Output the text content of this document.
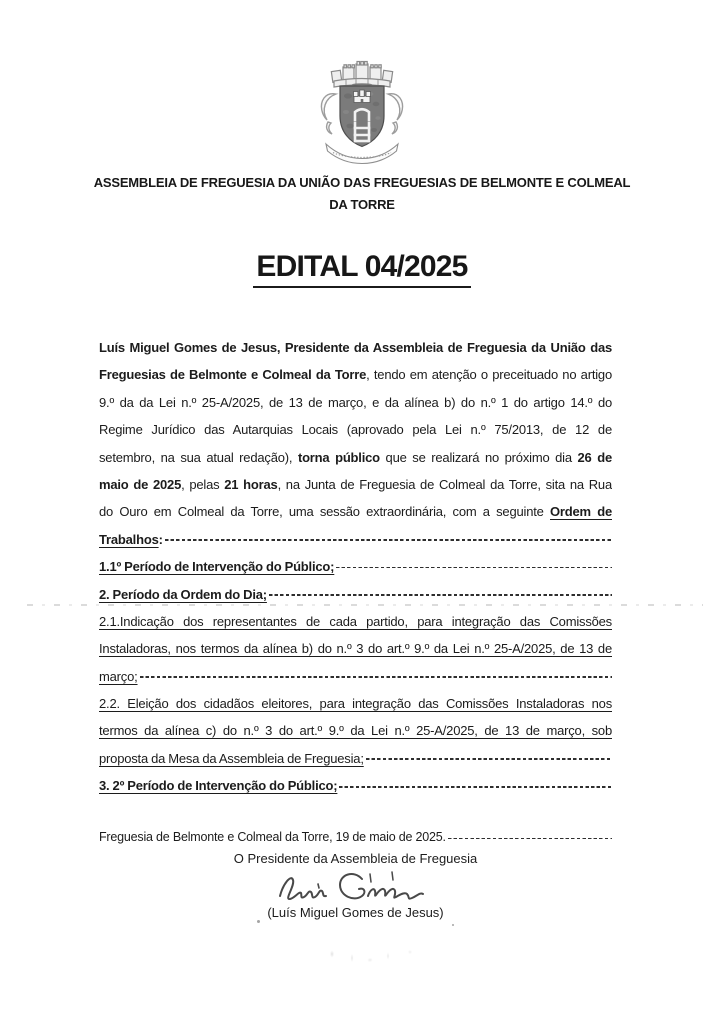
ASSEMBLEIA DE FREGUESIA DA UNIÃO DAS FREGUESIAS DE BELMONTE E COLMEAL
DA TORRE
EDITAL 04/2025
Luís Miguel Gomes de Jesus, Presidente da Assembleia de Freguesia da União das
Freguesias de Belmonte e Colmeal da Torre, tendo em atenção o preceituado no artigo
9.º da da Lei n.º 25-A/2025, de 13 de março, e da alínea b) do n.º 1 do artigo 14.º do
Regime Jurídico das Autarquias Locais (aprovado pela Lei n.º 75/2013, de 12 de
setembro, na sua atual redação), torna público que se realizará no próximo dia 26 de
maio de 2025, pelas 21 horas, na Junta de Freguesia de Colmeal da Torre, sita na Rua
do Ouro em Colmeal da Torre, uma sessão extraordinária, com a seguinte Ordem de
Trabalhos :
1.1º Período de Intervenção do Público;
2. Período da Ordem do Dia;
2.1.Indicação dos representantes de cada partido, para integração das Comissões
Instaladoras, nos termos da alínea b) do n.º 3 do art.º 9.º da Lei n.º 25-A/2025, de 13 de
março;
2.2. Eleição dos cidadãos eleitores, para integração das Comissões Instaladoras nos
termos da alínea c) do n.º 3 do art.º 9.º da Lei n.º 25-A/2025, de 13 de março, sob
proposta da Mesa da Assembleia de Freguesia;
3. 2º Período de Intervenção do Público;
Freguesia de Belmonte e Colmeal da Torre, 19 de maio de 2025.
O Presidente da Assembleia de Freguesia
(Luís Miguel Gomes de Jesus)
